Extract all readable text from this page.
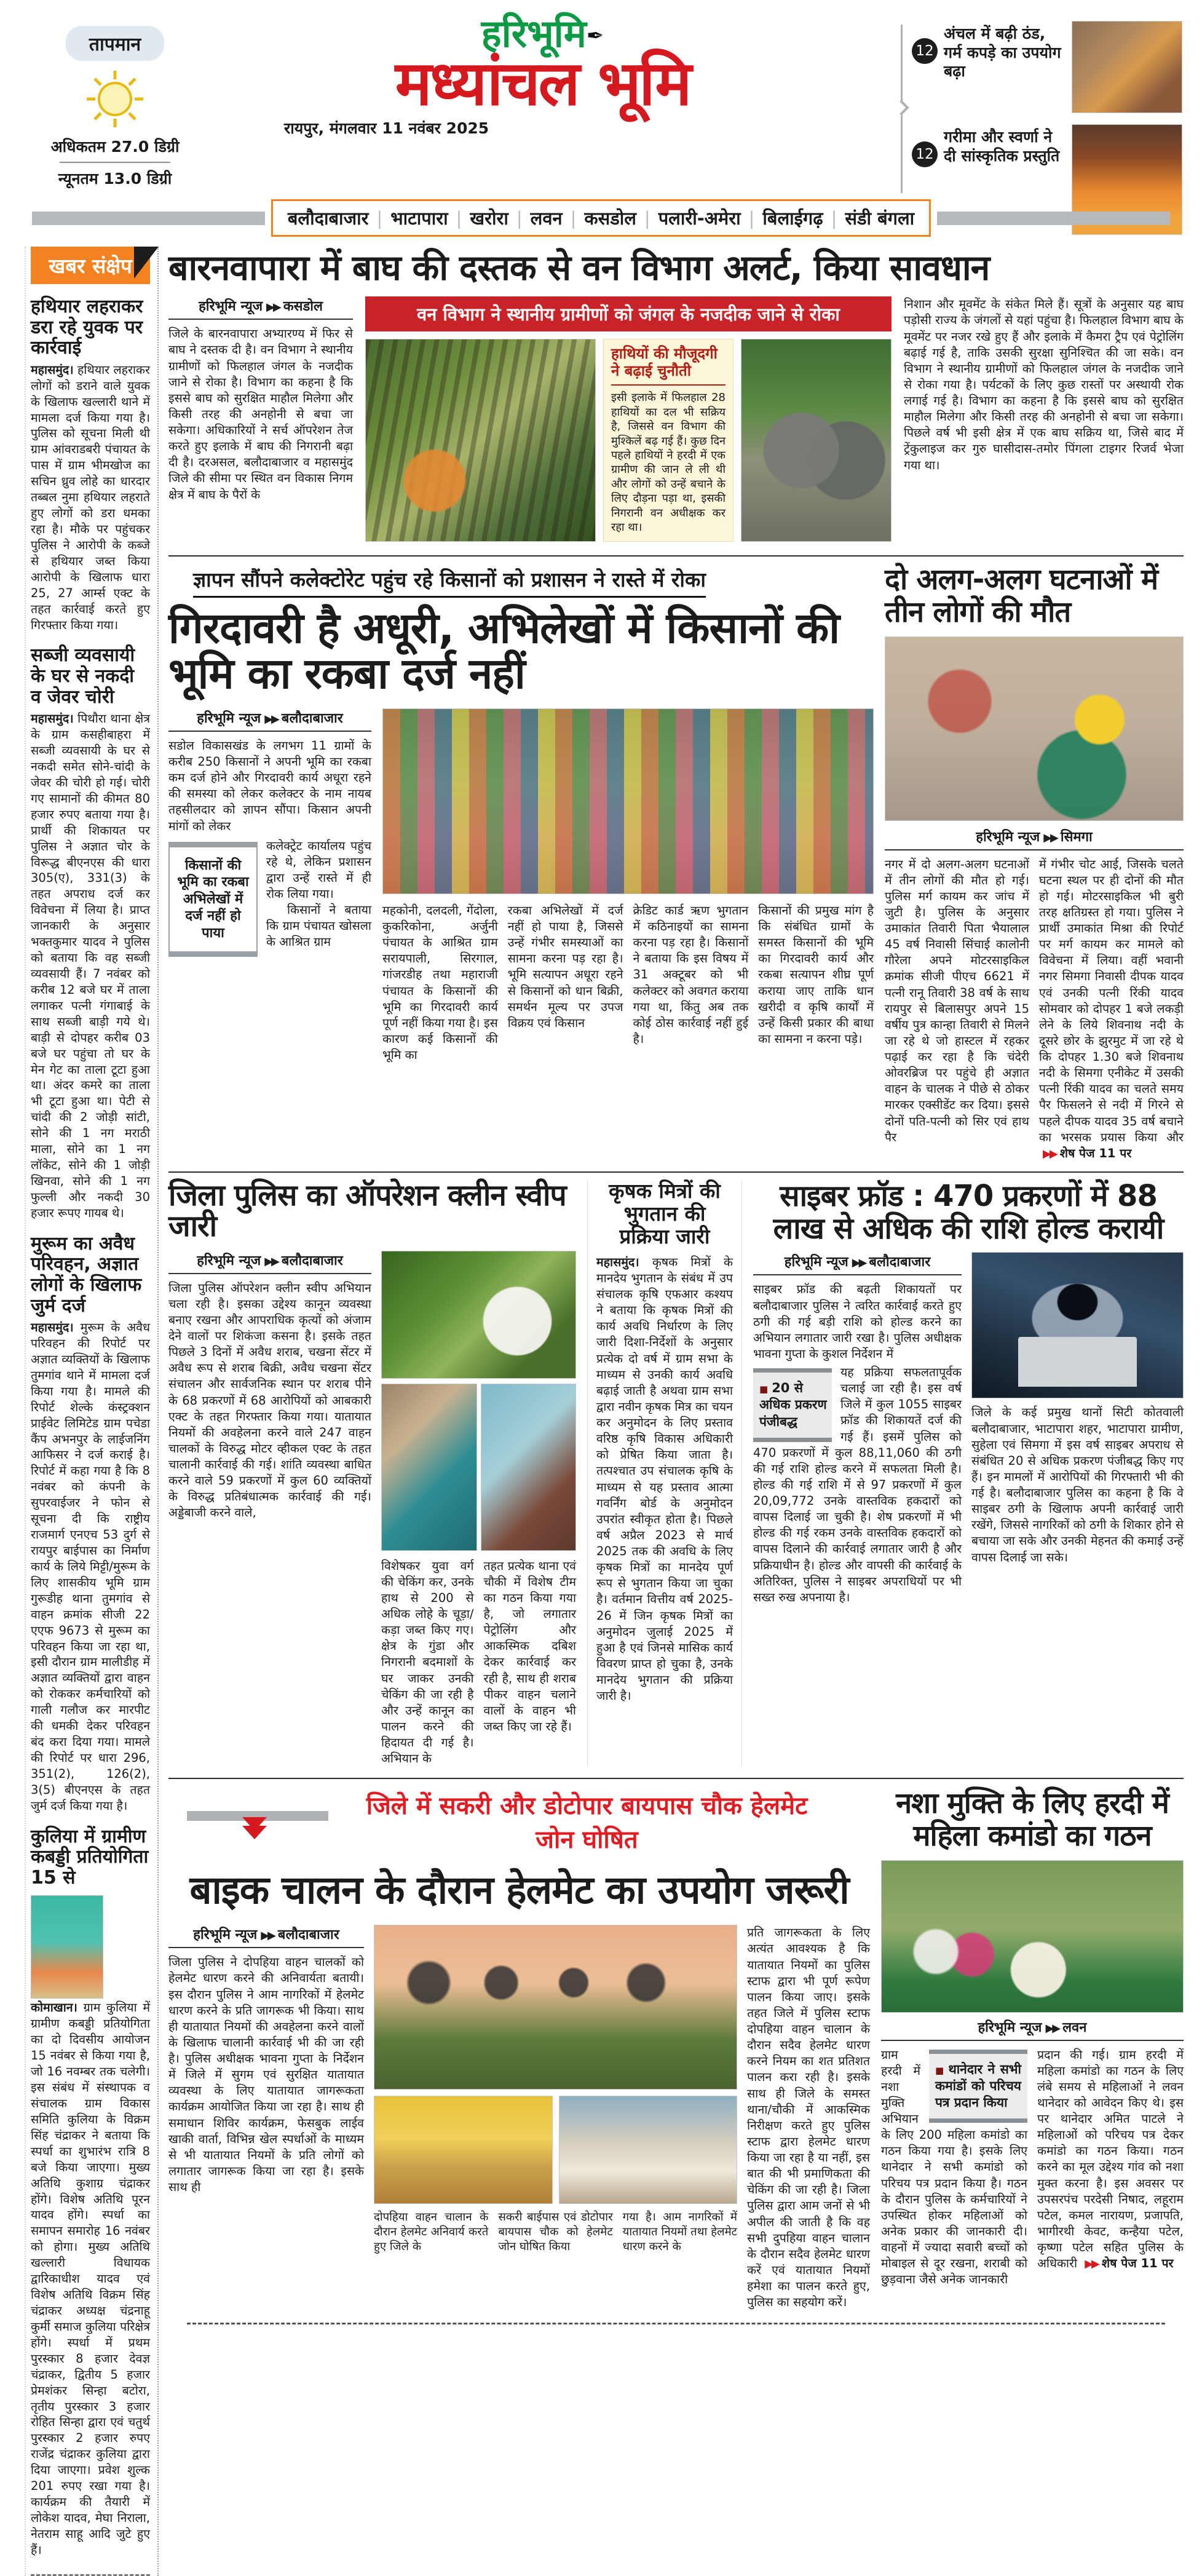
तापमान
अधिकतम 27.0 डिग्री
न्यूनतम 13.0 डिग्री
हरिभूमि✒
मध्यांचल भूमि
रायपुर, मंगलवार 11 नवंबर 2025
12
अंचल में बढ़ी ठंड, गर्म कपड़े का उपयोग बढ़ा
12
गरीमा और स्वर्णा ने दी सांस्कृतिक प्रस्तुति
बलौदाबाजार |	भाटापारा |	खरोरा |	लवन |	कसडोल |	पलारी-अमेरा |	बिलाईगढ़ |	संडी बंगला
खबर संक्षेप
हथियार लहराकर डरा रहे युवक पर कार्रवाई

महासमुंद। हथियार लहराकर लोगों को डराने वाले युवक के खिलाफ खल्लारी थाने में मामला दर्ज किया गया है। पुलिस को सूचना मिली थी ग्राम आंवराडबरी पंचायत के पास में ग्राम भीमखोज का सचिन ध्रुव लोहे का धारदार तब्बल नुमा हथियार लहराते हुए लोगों को डरा धमका रहा है। मौके पर पहुंचकर पुलिस ने आरोपी के कब्जे से हथियार जब्त किया आरोपी के खिलाफ धारा 25, 27 आर्म्स एक्ट के तहत कार्रवाई करते हुए गिरफ्तार किया गया।

सब्जी व्यवसायी के घर से नकदी व जेवर चोरी

महासमुंद। पिथौरा थाना क्षेत्र के ग्राम कसहीबाहरा में सब्जी व्यवसायी के घर से नकदी समेत सोने-चांदी के जेवर की चोरी हो गई। चोरी गए सामानों की कीमत 80 हजार रुपए बताया गया है। प्रार्थी की शिकायत पर पुलिस ने अज्ञात चोर के विरूद्ध बीएनएस की धारा 305(ए), 331(3) के तहत अपराध दर्ज कर विवेचना में लिया है। प्राप्त जानकारी के अनुसार भक्तकुमार यादव ने पुलिस को बताया कि वह सब्जी व्यवसायी हैं। 7 नवंबर को करीब 12 बजे घर में ताला लगाकर पत्नी गंगाबाई के साथ सब्जी बाड़ी गये थे। बाड़ी से दोपहर करीब 03 बजे घर पहुंचा तो घर के मेन गेट का ताला टूटा हुआ था। अंदर कमरे का ताला भी टूटा हुआ था। पेटी से चांदी की 2 जोड़ी सांटी, सोने की 1 नग मराठी माला, सोने का 1 नग लॉकेट, सोने की 1 जोड़ी खिनवा, सोने की 1 नग फुल्ली और नकदी 30 हजार रूपए गायब थे।

मुरूम का अवैध परिवहन, अज्ञात लोगों के खिलाफ जुर्म दर्ज

महासमुंद। मुरूम के अवैध परिवहन की रिपोर्ट पर अज्ञात व्यक्तियों के खिलाफ तुमगांव थाने में मामला दर्ज किया गया है। मामले की रिपोर्ट शेल्के कंस्ट्रक्शन प्राईवेट लिमिटेड ग्राम पचेडा कैंप अभनपुर के लाईजनिंग आफिसर ने दर्ज कराई है। रिपोर्ट में कहा गया है कि 8 नवंबर को कंपनी के सुपरवाईजर ने फोन से सूचना दी कि राष्ट्रीय राजमार्ग एनएच 53 दुर्ग से रायपुर बाईपास का निर्माण कार्य के लिये मिट्टी/मुरूम के लिए शासकीय भूमि ग्राम गुरूडीह थाना तुमगांव से वाहन क्रमांक सीजी 22 एएफ 9673 से मुरूम का परिवहन किया जा रहा था, इसी दौरान ग्राम मालीडीह में अज्ञात व्यक्तियों द्वारा वाहन को रोककर कर्मचारियों को गाली गलौज कर मारपीट की धमकी देकर परिवहन बंद करा दिया गया। मामले की रिपोर्ट पर धारा 296, 351(2), 126(2), 3(5) बीएनएस के तहत जुर्म दर्ज किया गया है।

कुलिया में ग्रामीण कबड्डी प्रतियोगिता 15 से

कोमाखान। ग्राम कुलिया में ग्रामीण कबड्डी प्रतियोगिता का दो दिवसीय आयोजन 15 नवंबर से किया गया है, जो 16 नवम्बर तक चलेगी। इस संबंध में संस्थापक व संचालक ग्राम विकास समिति कुलिया के विक्रम सिंह चंद्राकर ने बताया कि स्पर्धा का शुभारंभ रात्रि 8 बजे किया जाएगा। मुख्य अतिथि कुशाग्र चंद्राकर होंगे। विशेष अतिथि पूरन यादव होंगे। स्पर्धा का समापन समारोह 16 नवंबर को होगा। मुख्य अतिथि खल्लारी विधायक द्वारिकाधीश यादव एवं विशेष अतिथि विक्रम सिंह चंद्राकर अध्यक्ष चंद्रनाहू कुर्मी समाज कुलिया परिक्षेत्र होंगे। स्पर्धा में प्रथम पुरस्कार 8 हजार देवज्ञ चंद्राकर, द्वितीय 5 हजार प्रेमशंकर सिन्हा बटोरा, तृतीय पुरस्कार 3 हजार रोहित सिन्हा द्वारा एवं चतुर्थ पुरस्कार 2 हजार रुपए राजेंद्र चंद्राकर कुलिया द्वारा दिया जाएगा। प्रवेश शुल्क 201 रुपए रखा गया है। कार्यक्रम की तैयारी में लोकेश यादव, मेघा निराला, नेतराम साहू आदि जुटे हुए हैं।

बारनवापारा में बाघ की दस्तक से वन विभाग अलर्ट, किया सावधान
हरिभूमि न्यूज ▶▶ कसडोल

जिले के बारनवापारा अभ्यारण्य में फिर से बाघ ने दस्तक दी है। वन विभाग ने स्थानीय ग्रामीणों को फिलहाल जंगल के नजदीक जाने से रोका है। विभाग का कहना है कि इससे बाघ को सुरक्षित माहौल मिलेगा और किसी तरह की अनहोनी से बचा जा सकेगा। अधिकारियों ने सर्च ऑपरेशन तेज करते हुए इलाके में बाघ की निगरानी बढ़ा दी है। दरअसल, बलौदाबाजार व महासमुंद जिले की सीमा पर स्थित वन विकास निगम क्षेत्र में बाघ के पैरों के

वन विभाग ने स्थानीय ग्रामीणों को जंगल के नजदीक जाने से रोका
हाथियों की मौजूदगी ने बढ़ाई चुनौती
इसी इलाके में फिलहाल 28 हाथियों का दल भी सक्रिय है, जिससे वन विभाग की मुश्किलें बढ़ गई हैं। कुछ दिन पहले हाथियों ने हरदी में एक ग्रामीण की जान ले ली थी और लोगों को उन्हें बचाने के लिए दौड़ना पड़ा था, इसकी निगरानी वन अधीक्षक कर रहा था।

निशान और मूवमेंट के संकेत मिले हैं। सूत्रों के अनुसार यह बाघ पड़ोसी राज्य के जंगलों से यहां पहुंचा है। फिलहाल विभाग बाघ के मूवमेंट पर नजर रखे हुए हैं और इलाके में कैमरा ट्रैप एवं पेट्रोलिंग बढ़ाई गई है, ताकि उसकी सुरक्षा सुनिश्चित की जा सके। वन विभाग ने स्थानीय ग्रामीणों को फिलहाल जंगल के नजदीक जाने से रोका गया है। पर्यटकों के लिए कुछ रास्तों पर अस्थायी रोक लगाई गई है। विभाग का कहना है कि इससे बाघ को सुरक्षित माहौल मिलेगा और किसी तरह की अनहोनी से बचा जा सकेगा। पिछले वर्ष भी इसी क्षेत्र में एक बाघ सक्रिय था, जिसे बाद में ट्रेंकुलाइज कर गुरु घासीदास-तमोर पिंगला टाइगर रिजर्व भेजा गया था।

ज्ञापन सौंपने कलेक्टोरेट पहुंच रहे किसानों को प्रशासन ने रास्ते में रोका
गिरदावरी है अधूरी, अभिलेखों में किसानों की भूमि का रकबा दर्ज नहीं
हरिभूमि न्यूज ▶▶ बलौदाबाजार

सडोल विकासखंड के लगभग 11 ग्रामों के करीब 250 किसानों ने अपनी भूमि का रकबा कम दर्ज होने और गिरदावरी कार्य अधूरा रहने की समस्या को लेकर कलेक्टर के नाम नायब तहसीलदार को ज्ञापन सौंपा। किसान अपनी मांगों को लेकर

किसानों की भूमि का रकबा अभिलेखों में दर्ज नहीं हो पाया

कलेक्ट्रेट कार्यालय पहुंच रहे थे, लेकिन प्रशासन द्वारा उन्हें रास्ते में ही रोक लिया गया।

किसानों ने बताया कि ग्राम पंचायत खोसला के आश्रित ग्राम

महकोनी, दलदली, गेंदोला, कुकरिकोना, अर्जुनी पंचायत के आश्रित ग्राम सरायपाली, सिरगाल, गांजरडीह तथा महाराजी पंचायत के किसानों की भूमि का गिरदावरी कार्य पूर्ण नहीं किया गया है। इस कारण कई किसानों की भूमि का

रकबा अभिलेखों में दर्ज नहीं हो पाया है, जिससे उन्हें गंभीर समस्याओं का सामना करना पड़ रहा है। भूमि सत्यापन अधूरा रहने से किसानों को धान बिक्री, समर्थन मूल्य पर उपज विक्रय एवं किसान

क्रेडिट कार्ड ऋण भुगतान में कठिनाइयों का सामना करना पड़ रहा है। किसानों ने बताया कि इस विषय में 31 अक्टूबर को भी कलेक्टर को अवगत कराया गया था, किंतु अब तक कोई ठोस कार्रवाई नहीं हुई है।

किसानों की प्रमुख मांग है कि संबंधित ग्रामों के समस्त किसानों की भूमि का गिरदावरी कार्य और रकबा सत्यापन शीघ्र पूर्ण कराया जाए ताकि धान खरीदी व कृषि कार्यों में उन्हें किसी प्रकार की बाधा का सामना न करना पड़े।

दो अलग-अलग घटनाओं में तीन लोगों की मौत
हरिभूमि न्यूज ▶▶ सिमगा

नगर में दो अलग-अलग घटनाओं में तीन लोगों की मौत हो गई। पुलिस मर्ग कायम कर जांच में जुटी है। पुलिस के अनुसार उमाकांत तिवारी पिता भैयालाल 45 वर्ष निवासी सिंचाई कालोनी गौरेला अपने मोटरसाइकिल क्रमांक सीजी पीएच 6621 में पत्नी रानू तिवारी 38 वर्ष के साथ रायपुर से बिलासपुर अपने 15 वर्षीय पुत्र कान्हा तिवारी से मिलने जा रहे थे जो हास्टल में रहकर पढ़ाई कर रहा है कि चंदेरी ओवरब्रिज पर पहुंचे ही अज्ञात वाहन के चालक ने पीछे से ठोकर मारकर एक्सीडेंट कर दिया। इससे दोनों पति-पत्नी को सिर एवं हाथ पैर

में गंभीर चोट आई, जिसके चलते घटना स्थल पर ही दोनों की मौत हो गई। मोटरसाइकिल भी बुरी तरह क्षतिग्रस्त हो गया। पुलिस ने प्रार्थी उमाकांत मिश्रा की रिपोर्ट पर मर्ग कायम कर मामले को विवेचना में लिया। वहीं भवानी नगर सिमगा निवासी दीपक यादव एवं उनकी पत्नी रिंकी यादव सोमवार को दोपहर 1 बजे लकड़ी लेने के लिये शिवनाथ नदी के दूसरे छोर के झुरमुट में जा रहे थे कि दोपहर 1.30 बजे शिवनाथ नदी के सिमगा एनीकेट में उसकी पत्नी रिंकी यादव का चलते समय पैर फिसलने से नदी में गिरने से पहले दीपक यादव 35 वर्ष बचाने का भरसक प्रयास किया और ▶▶ शेष पेज 11 पर

जिला पुलिस का ऑपरेशन क्लीन स्वीप जारी
हरिभूमि न्यूज ▶▶ बलौदाबाजार

जिला पुलिस ऑपरेशन क्लीन स्वीप अभियान चला रही है। इसका उद्देश्य कानून व्यवस्था बनाए रखना और आपराधिक कृत्यों को अंजाम देने वालों पर शिकंजा कसना है। इसके तहत पिछले 3 दिनों में अवैध शराब, चखना सेंटर में अवैध रूप से शराब बिक्री, अवैध चखना सेंटर संचालन और सार्वजनिक स्थान पर शराब पीने के 68 प्रकरणों में 68 आरोपियों को आबकारी एक्ट के तहत गिरफ्तार किया गया। यातायात नियमों की अवहेलना करने वाले 247 वाहन चालकों के विरुद्ध मोटर व्हीकल एक्ट के तहत चालानी कार्रवाई की गई। शांति व्यवस्था बाधित करने वाले 59 प्रकरणों में कुल 60 व्यक्तियों के विरुद्ध प्रतिबंधात्मक कार्रवाई की गई। अड्डेबाजी करने वाले,

विशेषकर युवा वर्ग की चेकिंग कर, उनके हाथ से 200 से अधिक लोहे के चूड़ा/कड़ा जब्त किए गए। क्षेत्र के गुंडा और निगरानी बदमाशों के घर जाकर उनकी चेकिंग की जा रही है और उन्हें कानून का पालन करने की हिदायत दी गई है। अभियान के

तहत प्रत्येक थाना एवं चौकी में विशेष टीम का गठन किया गया है, जो लगातार पेट्रोलिंग और आकस्मिक दबिश देकर कार्रवाई कर रही है, साथ ही शराब पीकर वाहन चलाने वालों के वाहन भी जब्त किए जा रहे हैं।

कृषक मित्रों की भुगतान की प्रक्रिया जारी

महासमुंद। कृषक मित्रों के मानदेय भुगतान के संबंध में उप संचालक कृषि एफआर कश्यप ने बताया कि कृषक मित्रों की कार्य अवधि निर्धारण के लिए जारी दिशा-निर्देशों के अनुसार प्रत्येक दो वर्ष में ग्राम सभा के माध्यम से उनकी कार्य अवधि बढ़ाई जाती है अथवा ग्राम सभा द्वारा नवीन कृषक मित्र का चयन कर अनुमोदन के लिए प्रस्ताव वरिष्ठ कृषि विकास अधिकारी को प्रेषित किया जाता है। तत्पश्चात उप संचालक कृषि के माध्यम से यह प्रस्ताव आत्मा गवर्निंग बोर्ड के अनुमोदन उपरांत स्वीकृत होता है। पिछले वर्ष अप्रैल 2023 से मार्च 2025 तक की अवधि के लिए कृषक मित्रों का मानदेय पूर्ण रूप से भुगतान किया जा चुका है। वर्तमान वित्तीय वर्ष 2025-26 में जिन कृषक मित्रों का अनुमोदन जुलाई 2025 में हुआ है एवं जिनसे मासिक कार्य विवरण प्राप्त हो चुका है, उनके मानदेय भुगतान की प्रक्रिया जारी है।

साइबर फ्रॉड : 470 प्रकरणों में 88 लाख से अधिक की राशि होल्ड करायी
हरिभूमि न्यूज ▶▶ बलौदाबाजार

साइबर फ्रॉड की बढ़ती शिकायतों पर बलौदाबाजार पुलिस ने त्वरित कार्रवाई करते हुए ठगी की गई बड़ी राशि को होल्ड करने का अभियान लगातार जारी रखा है। पुलिस अधीक्षक भावना गुप्ता के कुशल निर्देशन में

■ 20 से अधिक प्रकरण पंजीबद्ध

यह प्रक्रिया सफलतापूर्वक चलाई जा रही है। इस वर्ष जिले में कुल 1055 साइबर फ्रॉड की शिकायतें दर्ज की गई हैं। इसमें पुलिस को 470 प्रकरणों में कुल 88,11,060 की ठगी की गई राशि होल्ड करने में सफलता मिली है। होल्ड की गई राशि में से 97 प्रकरणों में कुल 20,09,772 उनके वास्तविक हकदारों को वापस दिलाई जा चुकी है। शेष प्रकरणों में भी होल्ड की गई रकम उनके वास्तविक हकदारों को वापस दिलाने की कार्रवाई लगातार जारी है और प्रक्रियाधीन है। होल्ड और वापसी की कार्रवाई के अतिरिक्त, पुलिस ने साइबर अपराधियों पर भी सख्त रुख अपनाया है।

जिले के कई प्रमुख थानों सिटी कोतवाली बलौदाबाजार, भाटापारा शहर, भाटापारा ग्रामीण, सुहेला एवं सिमगा में इस वर्ष साइबर अपराध से संबंधित 20 से अधिक प्रकरण पंजीबद्ध किए गए हैं। इन मामलों में आरोपियों की गिरफ्तारी भी की गई है। बलौदाबाजार पुलिस का कहना है कि वे साइबर ठगी के खिलाफ अपनी कार्रवाई जारी रखेंगे, जिससे नागरिकों को ठगी के शिकार होने से बचाया जा सके और उनकी मेहनत की कमाई उन्हें वापस दिलाई जा सके।

जिले में सकरी और डोटोपार बायपास चौक हेलमेट जोन घोषित
बाइक चालन के दौरान हेलमेट का उपयोग जरूरी
हरिभूमि न्यूज ▶▶ बलौदाबाजार

जिला पुलिस ने दोपहिया वाहन चालकों को हेलमेट धारण करने की अनिवार्यता बतायी। इस दौरान पुलिस ने आम नागरिकों में हेलमेट धारण करने के प्रति जागरूक भी किया। साथ ही यातायात नियमों की अवहेलना करने वालों के खिलाफ चालानी कार्रवाई भी की जा रही है। पुलिस अधीक्षक भावना गुप्ता के निर्देशन में जिले में सुगम एवं सुरक्षित यातायात व्यवस्था के लिए यातायात जागरूकता कार्यक्रम आयोजित किया जा रहा है। साथ ही समाधान शिविर कार्यक्रम, फेसबुक लाईव खाकी वार्ता, विभिन्न खेल स्पर्धाओं के माध्यम से भी यातायात नियमों के प्रति लोगों को लगातार जागरूक किया जा रहा है। इसके साथ ही

दोपहिया वाहन चालान के दौरान हेलमेट अनिवार्य करते हुए जिले के
सकरी बाईपास एवं डोटोपार बायपास चौक को हेलमेट जोन घोषित किया
गया है। आम नागरिकों में यातायात नियमों तथा हेलमेट धारण करने के

प्रति जागरूकता के लिए अत्यंत आवश्यक है कि यातायात नियमों का पुलिस स्टाफ द्वारा भी पूर्ण रूपेण पालन किया जाए। इसके तहत जिले में पुलिस स्टाफ दोपहिया वाहन चालान के दौरान सदैव हेलमेट धारण करने नियम का शत प्रतिशत पालन करा रही है। इसके साथ ही जिले के समस्त थाना/चौकी में आकस्मिक निरीक्षण करते हुए पुलिस स्टाफ द्वारा हेलमेट धारण किया जा रहा है या नहीं, इस बात की भी प्रमाणिकता की चेकिंग की जा रही है। जिला पुलिस द्वारा आम जनों से भी अपील की जाती है कि वह सभी दुपहिया वाहन चालान के दौरान सदैव हेलमेट धारण करें एवं यातायात नियमों हमेशा का पालन करते हुए, पुलिस का सहयोग करें।

नशा मुक्ति के लिए हरदी में महिला कमांडो का गठन
हरिभूमि न्यूज ▶▶ लवन

■ थानेदार ने सभी कमांडों को परिचय पत्र प्रदान किया
ग्राम हरदी में नशा मुक्ति अभियान के लिए 200 महिला कमांडो का गठन किया गया है। इसके लिए थानेदार ने सभी कमांडो को परिचय पत्र प्रदान किया है। गठन के दौरान पुलिस के कर्मचारियों ने उपस्थित होकर महिलाओं को अनेक प्रकार की जानकारी दी। वाहनों में ज्यादा सवारी बच्चों को मोबाइल से दूर रखना, शराबी को छुड़वाना जैसे अनेक जानकारी

प्रदान की गई। ग्राम हरदी में महिला कमांडो का गठन के लिए लंबे समय से महिलाओं ने लवन थानेदार को आवेदन किए थे। इस पर थानेदार अमित पाटले ने महिलाओं को परिचय पत्र देकर कमांडो का गठन किया। गठन करने का मूल उद्देश्य गांव को नशा मुक्त करना है। इस अवसर पर उपसरपंच परदेसी निषाद, लहूराम पटेल, कमल नारायण, प्रजापति, भागीरथी केवट, कन्हैया पटेल, कृष्णा पटेल सहित पुलिस के अधिकारी ▶▶ शेष पेज 11 पर
